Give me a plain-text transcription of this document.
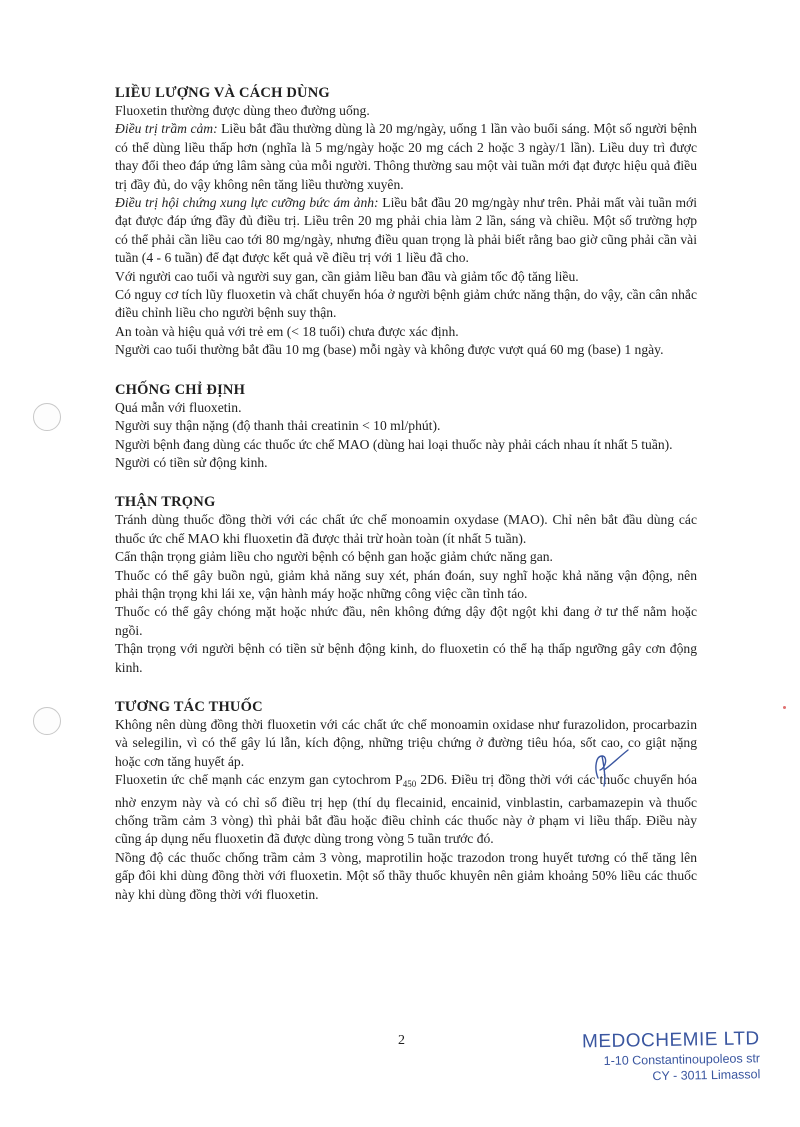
LIỀU LƯỢNG VÀ CÁCH DÙNG

Fluoxetin thường được dùng theo đường uống.

Điều trị trầm cảm: Liều bắt đầu thường dùng là 20 mg/ngày, uống 1 lần vào buổi sáng. Một số người bệnh có thể dùng liều thấp hơn (nghĩa là 5 mg/ngày hoặc 20 mg cách 2 hoặc 3 ngày/1 lần). Liều duy trì được thay đổi theo đáp ứng lâm sàng của mỗi người. Thông thường sau một vài tuần mới đạt được hiệu quả điều trị đầy đủ, do vậy không nên tăng liều thường xuyên.

Điều trị hội chứng xung lực cưỡng bức ám ảnh: Liều bắt đầu 20 mg/ngày như trên. Phải mất vài tuần mới đạt được đáp ứng đầy đủ điều trị. Liều trên 20 mg phải chia làm 2 lần, sáng và chiều. Một số trường hợp có thể phải cần liều cao tới 80 mg/ngày, nhưng điều quan trọng là phải biết rằng bao giờ cũng phải cần vài tuần (4 - 6 tuần) để đạt được kết quả về điều trị với 1 liều đã cho.

Với người cao tuổi và người suy gan, cần giảm liều ban đầu và giảm tốc độ tăng liều.

Có nguy cơ tích lũy fluoxetin và chất chuyển hóa ở người bệnh giảm chức năng thận, do vậy, cần cân nhắc điều chỉnh liều cho người bệnh suy thận.

An toàn và hiệu quả với trẻ em (< 18 tuổi) chưa được xác định.

Người cao tuổi thường bắt đầu 10 mg (base) mỗi ngày và không được vượt quá 60 mg (base) 1 ngày.

CHỐNG CHỈ ĐỊNH

Quá mẫn với fluoxetin.

Người suy thận nặng (độ thanh thải creatinin < 10 ml/phút).

Người bệnh đang dùng các thuốc ức chế MAO (dùng hai loại thuốc này phải cách nhau ít nhất 5 tuần).

Người có tiền sử động kinh.

THẬN TRỌNG

Tránh dùng thuốc đồng thời với các chất ức chế monoamin oxydase (MAO). Chỉ nên bắt đầu dùng các thuốc ức chế MAO khi fluoxetin đã được thải trừ hoàn toàn (ít nhất 5 tuần).

Cẩn thận trọng giảm liều cho người bệnh có bệnh gan hoặc giảm chức năng gan.

Thuốc có thể gây buồn ngủ, giảm khả năng suy xét, phán đoán, suy nghĩ hoặc khả năng vận động, nên phải thận trọng khi lái xe, vận hành máy hoặc những công việc cần tỉnh táo.

Thuốc có thể gây chóng mặt hoặc nhức đầu, nên không đứng dậy đột ngột khi đang ở tư thế nằm hoặc ngồi.

Thận trọng với người bệnh có tiền sử bệnh động kinh, do fluoxetin có thể hạ thấp ngưỡng gây cơn động kinh.

TƯƠNG TÁC THUỐC

Không nên dùng đồng thời fluoxetin với các chất ức chế monoamin oxidase như furazolidon, procarbazin và selegilin, vì có thể gây lú lẫn, kích động, những triệu chứng ở đường tiêu hóa, sốt cao, co giật nặng hoặc cơn tăng huyết áp.

Fluoxetin ức chế mạnh các enzym gan cytochrom $P_{450}$ 2D6. Điều trị đồng thời với các thuốc chuyển hóa nhờ enzym này và có chỉ số điều trị hẹp (thí dụ flecainid, encainid, vinblastin, carbamazepin và thuốc chống trầm cảm 3 vòng) thì phải bắt đầu hoặc điều chỉnh các thuốc này ở phạm vi liều thấp. Điều này cũng áp dụng nếu fluoxetin đã được dùng trong vòng 5 tuần trước đó.

Nồng độ các thuốc chống trầm cảm 3 vòng, maprotilin hoặc trazodon trong huyết tương có thể tăng lên gấp đôi khi dùng đồng thời với fluoxetin. Một số thầy thuốc khuyên nên giảm khoảng 50% liều các thuốc này khi dùng đồng thời với fluoxetin.

2	MEDOCHEMIE LTD
1-10 Constantinoupoleos str
CY - 3011 Limassol
